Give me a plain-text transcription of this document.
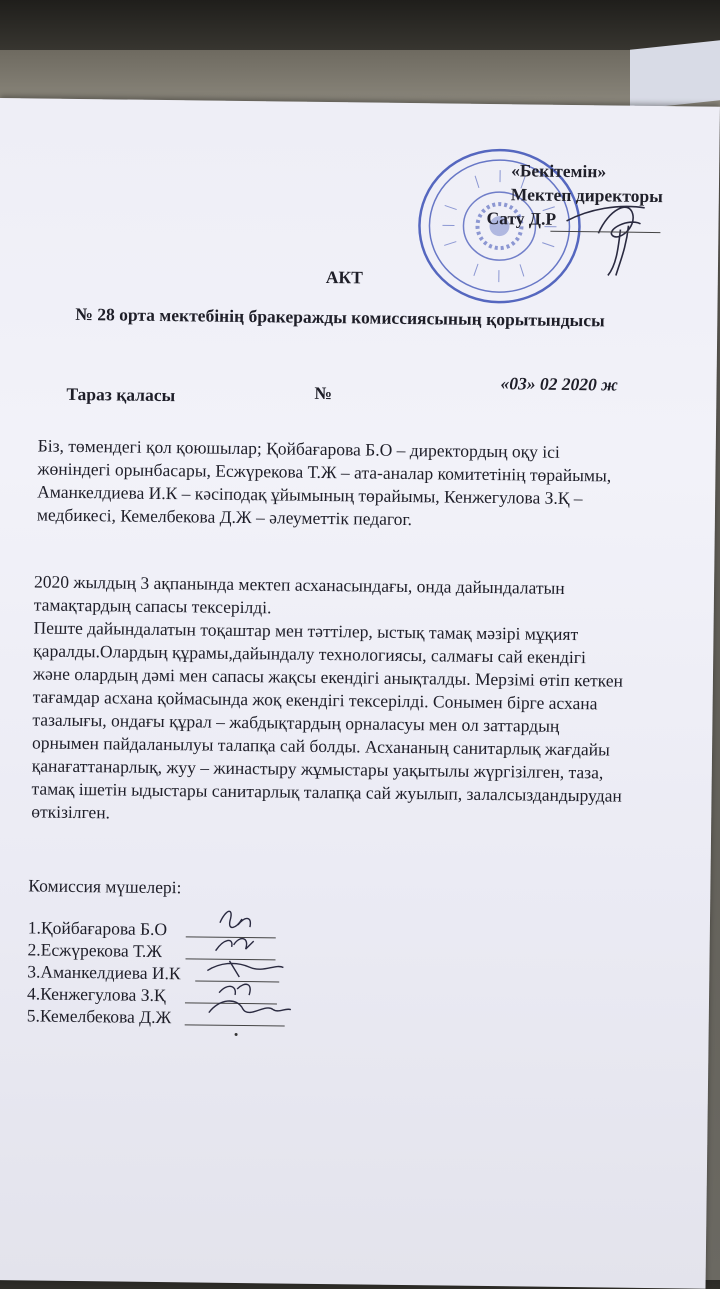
«Бекітемін»
Мектеп директоры
Сату Д.Р
АКТ
№ 28 орта мектебінің бракеражды комиссиясының қорытындысы
Тараз қаласы	№	«03» 02 2020 ж
Біз, төмендегі қол қоюшылар; Қойбағарова Б.О – директордың оқу ісі
жөніндегі орынбасары, Есжүрекова Т.Ж – ата-аналар комитетінің төрайымы,
Аманкелдиева И.К – кәсіподақ ұйымының төрайымы, Кенжегулова З.Қ –
медбикесі, Кемелбекова Д.Ж – әлеуметтік педагог.
2020 жылдың 3 ақпанында мектеп асханасындағы, онда дайындалатын
тамақтардың сапасы тексерілді.
Пеште дайындалатын тоқаштар мен тәттілер, ыстық тамақ мәзірі мұқият
қаралды.Олардың құрамы,дайындалу технологиясы, салмағы сай екендігі
және олардың дәмі мен сапасы жақсы екендігі анықталды. Мерзімі өтіп кеткен
тағамдар асхана қоймасында жоқ екендігі тексерілді. Сонымен бірге асхана
тазалығы, ондағы құрал – жабдықтардың орналасуы мен ол заттардың
орнымен пайдаланылуы талапқа сай болды. Асхананың санитарлық жағдайы
қанағаттанарлық, жуу – жинастыру жұмыстары уақытылы жүргізілген, таза,
тамақ ішетін ыдыстары санитарлық талапқа сай жуылып, залалсыздандырудан
өткізілген.
Комиссия мүшелері:
1.Қойбағарова Б.О
2.Есжүрекова Т.Ж
3.Аманкелдиева И.К
4.Кенжегулова З.Қ
5.Кемелбекова Д.Ж
